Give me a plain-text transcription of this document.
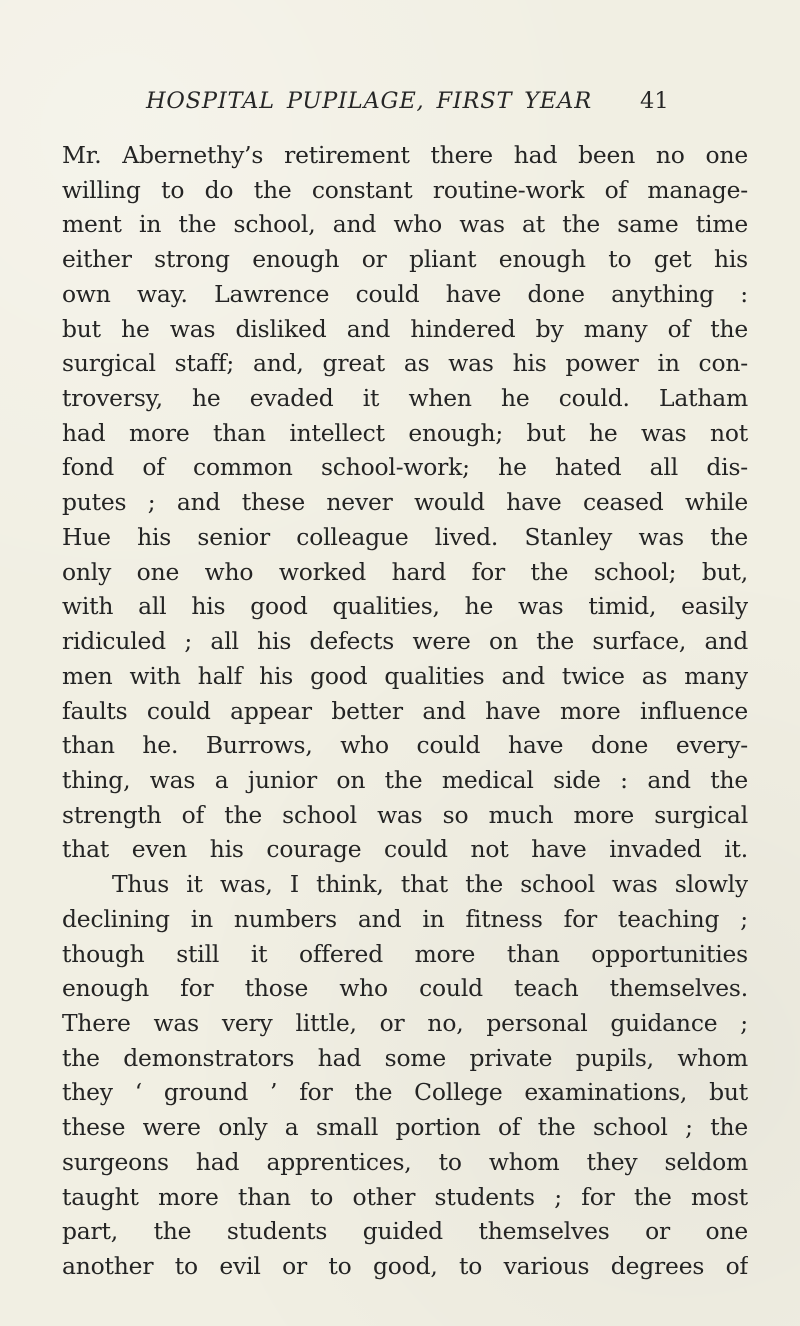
HOSPITAL PUPILAGE, FIRST YEAR 41
Mr. Abernethy’s retirement there had been no one
willing to do the constant routine-work of manage-
ment in the school, and who was at the same time
either strong enough or pliant enough to get his
own way. Lawrence could have done anything :
but he was disliked and hindered by many of the
surgical staff; and, great as was his power in con-
troversy, he evaded it when he could. Latham
had more than intellect enough; but he was not
fond of common school-work; he hated all dis-
putes ; and these never would have ceased while
Hue his senior colleague lived. Stanley was the
only one who worked hard for the school; but,
with all his good qualities, he was timid, easily
ridiculed ; all his defects were on the surface, and
men with half his good qualities and twice as many
faults could appear better and have more influence
than he. Burrows, who could have done every-
thing, was a junior on the medical side : and the
strength of the school was so much more surgical
that even his courage could not have invaded it.
Thus it was, I think, that the school was slowly
declining in numbers and in fitness for teaching ;
though still it offered more than opportunities
enough for those who could teach themselves.
There was very little, or no, personal guidance ;
the demonstrators had some private pupils, whom
they ‘ ground ’ for the College examinations, but
these were only a small portion of the school ; the
surgeons had apprentices, to whom they seldom
taught more than to other students ; for the most
part, the students guided themselves or one
another to evil or to good, to various degrees of
